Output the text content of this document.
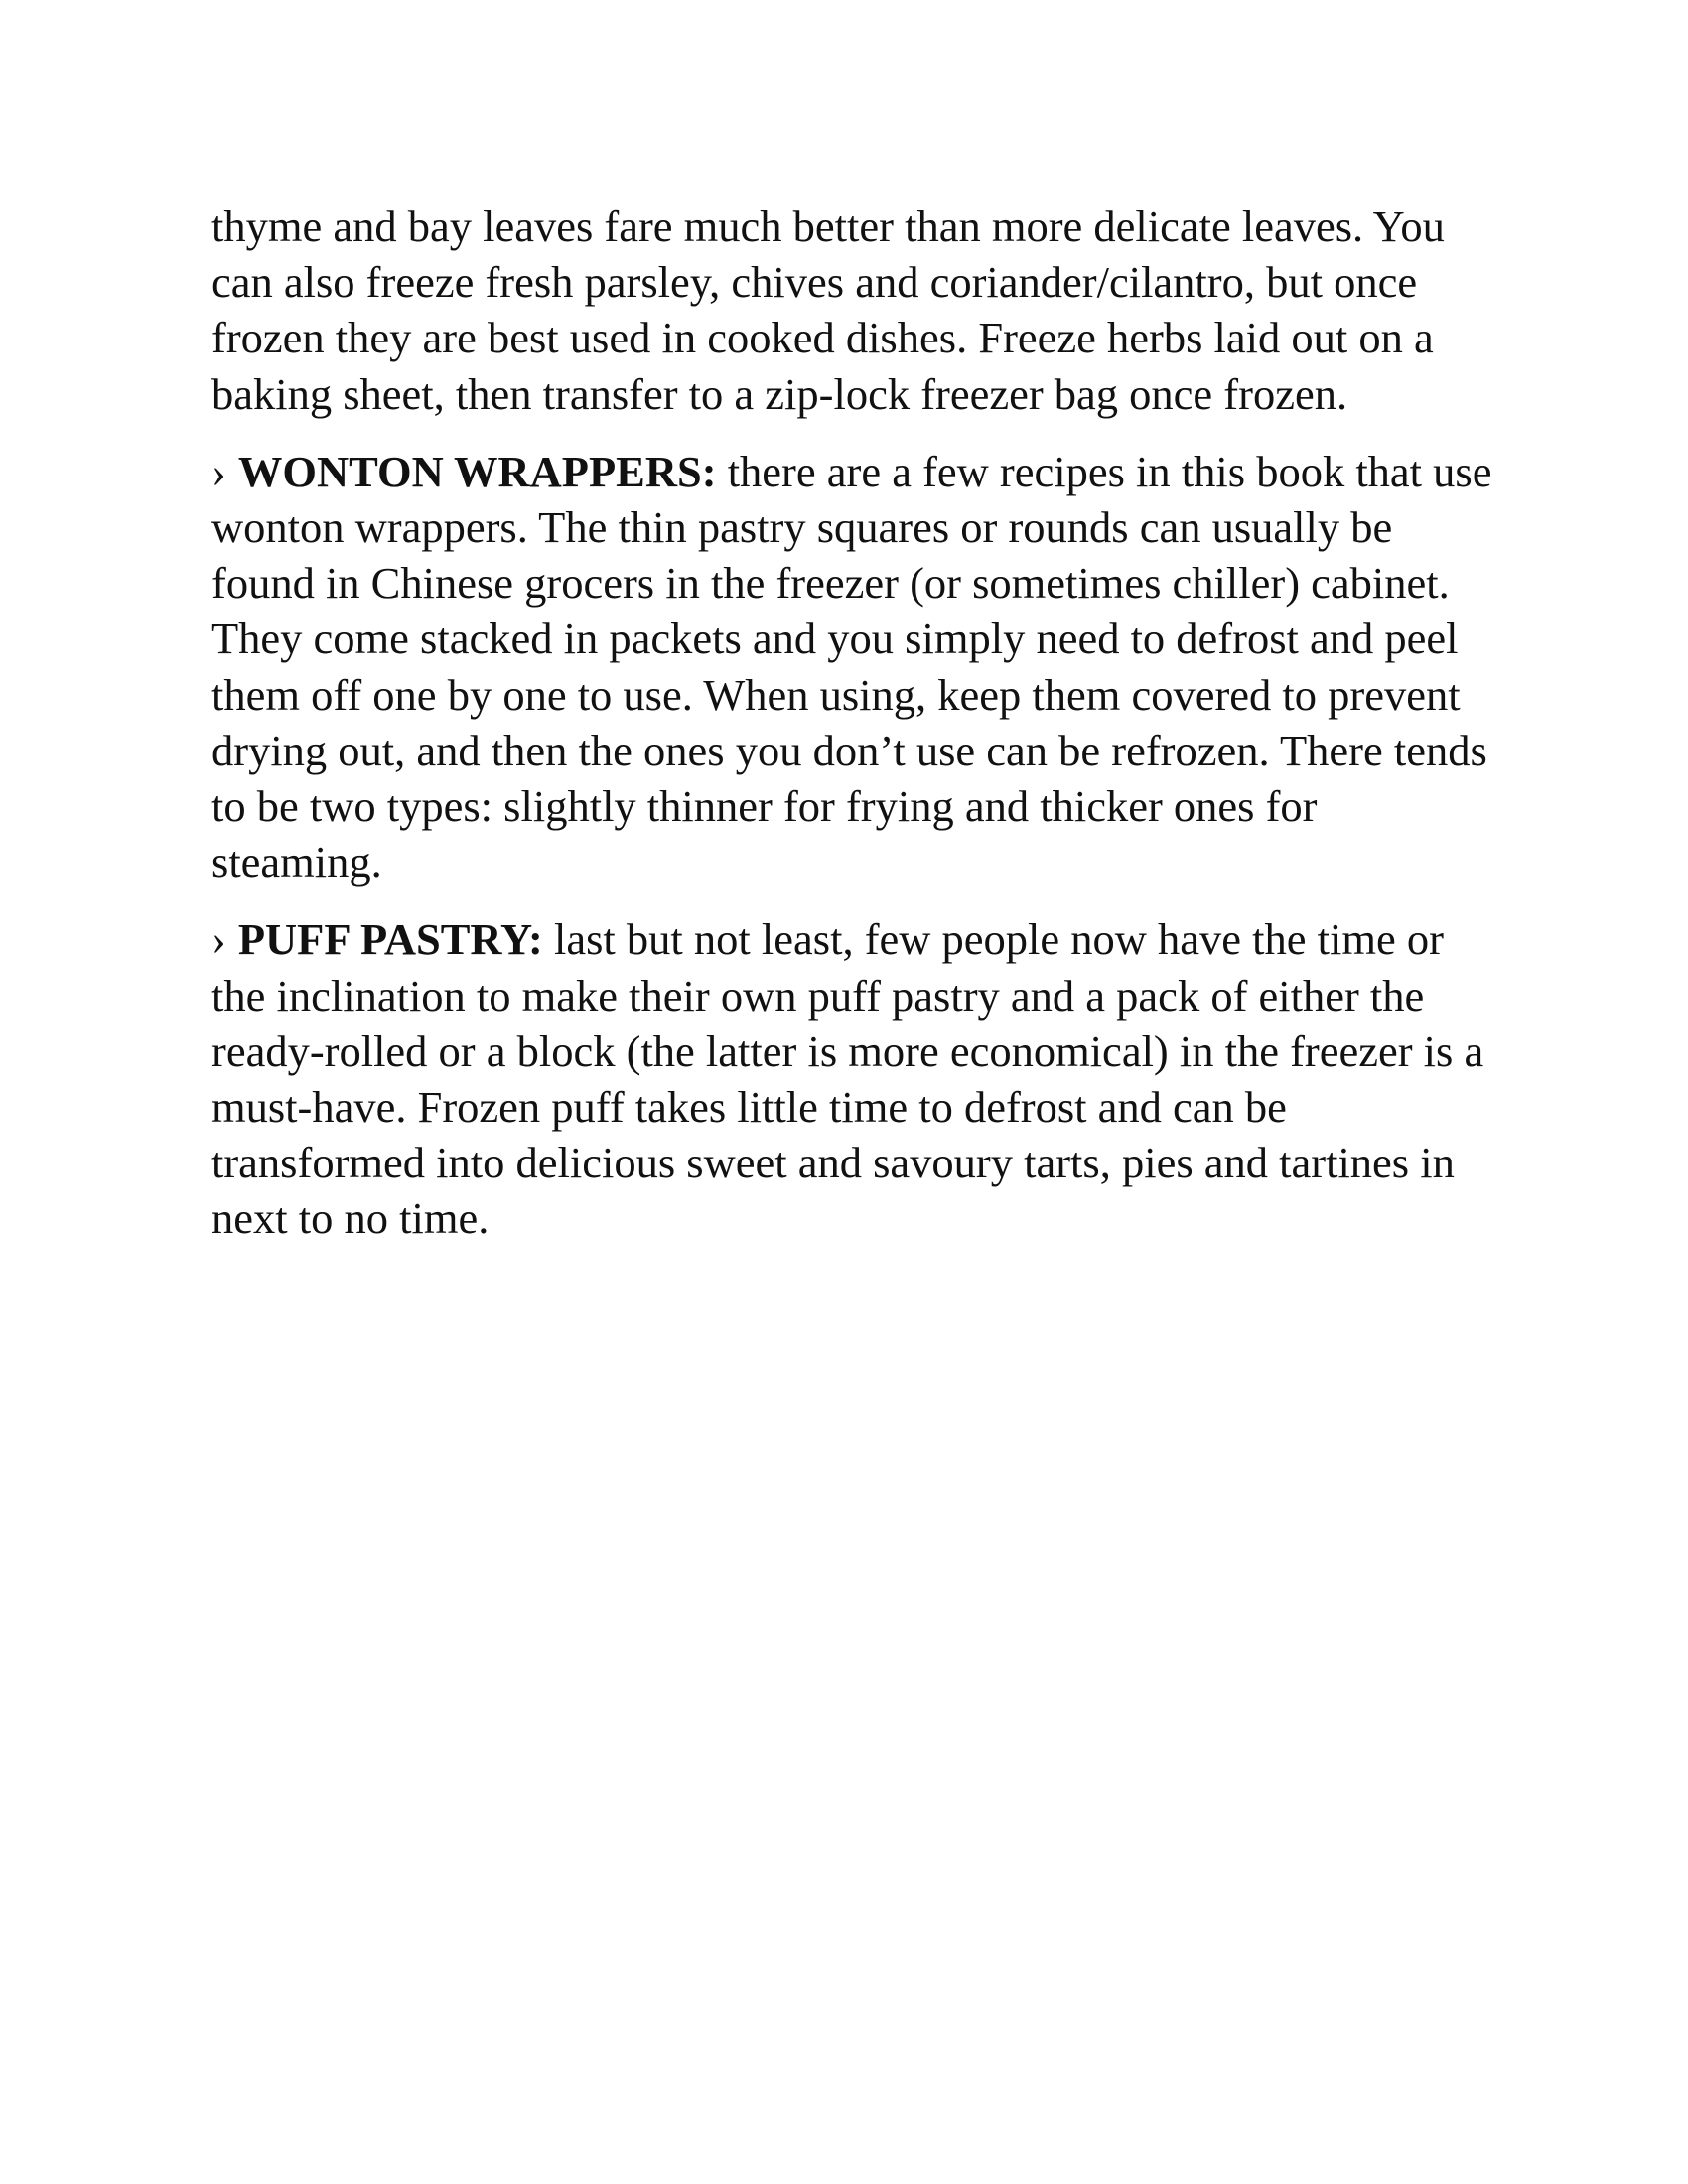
thyme and bay leaves fare much better than more delicate leaves. You can also freeze fresh parsley, chives and coriander/cilantro, but once frozen they are best used in cooked dishes. Freeze herbs laid out on a baking sheet, then transfer to a zip-lock freezer bag once frozen.

› WONTON WRAPPERS: there are a few recipes in this book that use wonton wrappers. The thin pastry squares or rounds can usually be found in Chinese grocers in the freezer (or sometimes chiller) cabinet. They come stacked in packets and you simply need to defrost and peel them off one by one to use. When using, keep them covered to prevent drying out, and then the ones you don’t use can be refrozen. There tends to be two types: slightly thinner for frying and thicker ones for steaming.

› PUFF PASTRY: last but not least, few people now have the time or the inclination to make their own puff pastry and a pack of either the ready-rolled or a block (the latter is more economical) in the freezer is a must-have. Frozen puff takes little time to defrost and can be transformed into delicious sweet and savoury tarts, pies and tartines in next to no time.
